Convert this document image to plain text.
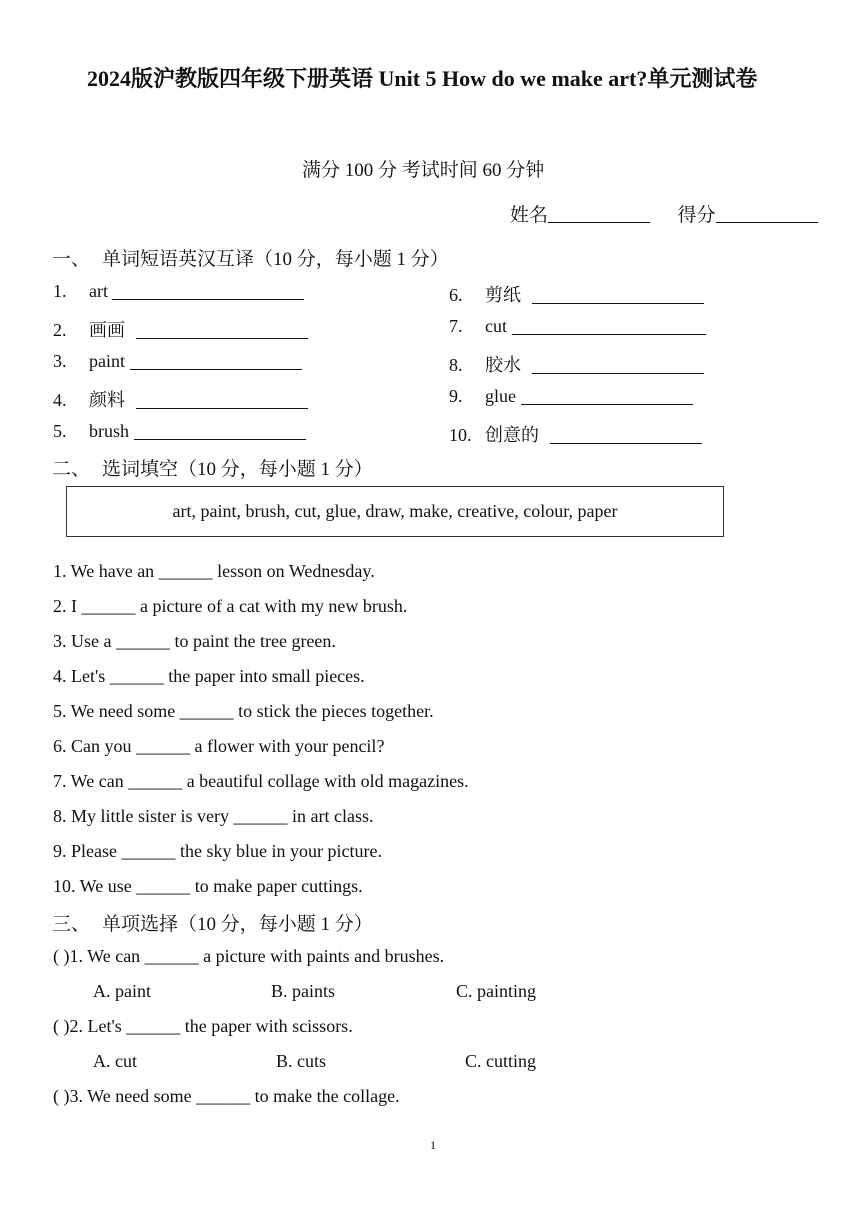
2024版沪教版四年级下册英语 Unit 5 How do we make art?单元测试卷
满分 100 分 考试时间 60 分钟
姓名	得分
一、 单词短语英汉互译（10 分，每小题 1 分）
1. art
2. 画画
3. paint
4. 颜料
5. brush
6. 剪纸
7. cut
8. 胶水
9. glue
10. 创意的
二、 选词填空（10 分，每小题 1 分）
art, paint, brush, cut, glue, draw, make, creative, colour, paper
1. We have an ______ lesson on Wednesday.
2. I ______ a picture of a cat with my new brush.
3. Use a ______ to paint the tree green.
4. Let's ______ the paper into small pieces.
5. We need some ______ to stick the pieces together.
6. Can you ______ a flower with your pencil?
7. We can ______ a beautiful collage with old magazines.
8. My little sister is very ______ in art class.
9. Please ______ the sky blue in your picture.
10. We use ______ to make paper cuttings.
三、 单项选择（10 分，每小题 1 分）
( )1. We can ______ a picture with paints and brushes.
A. paint	B. paints	C. painting
( )2. Let's ______ the paper with scissors.
A. cut	B. cuts	C. cutting
( )3. We need some ______ to make the collage.
1
